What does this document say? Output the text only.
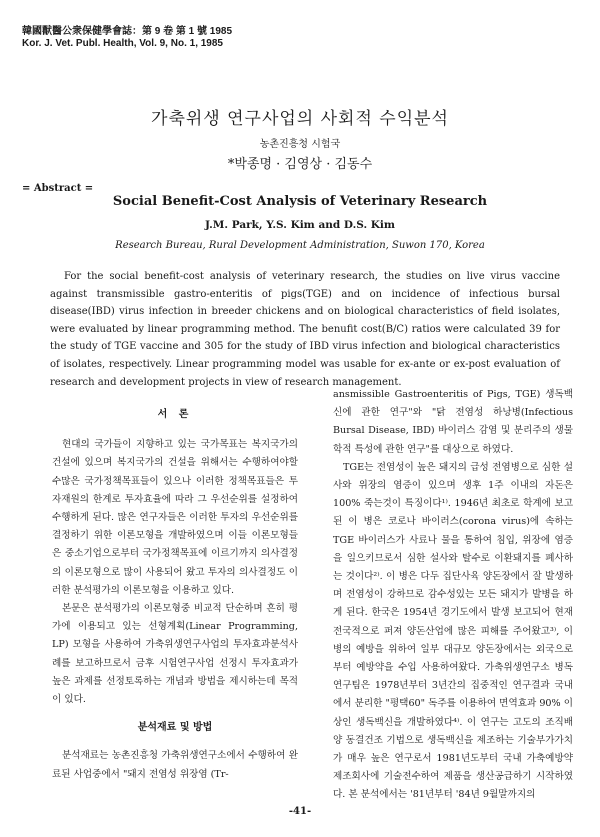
韓國獸醫公衆保健學會誌：第 9 卷 第 1 號 1985
Kor. J. Vet. Publ. Health, Vol. 9, No. 1, 1985
가축위생 연구사업의 사회적 수익분석
농촌진흥청 시험국
*박종명 · 김영상 · 김동수
= Abstract =
Social Benefit-Cost Analysis of Veterinary Research
J.M. Park, Y.S. Kim and D.S. Kim
Research Bureau, Rural Development Administration, Suwon 170, Korea

For the social benefit-cost analysis of veterinary research, the studies on live virus vaccine against transmissible gastro-enteritis of pigs(TGE) and on incidence of infectious bursal disease(IBD) virus infection in breeder chickens and on biological characteristics of field isolates, were evaluated by linear programming method. The benufit cost(B/C) ratios were calculated 39 for the study of TGE vaccine and 305 for the study of IBD virus infection and biological characteristics of isolates, respectively. Linear programming model was usable for ex-ante or ex-post evaluation of research and development projects in view of research management.

서 론

현대의 국가들이 지향하고 있는 국가목표는 복지국가의 건설에 있으며 복지국가의 건설을 위해서는 수행하여야할 수많은 국가정책목표들이 있으나 이러한 정책목표들은 투자재원의 한계로 투자효율에 따라 그 우선순위를 설정하여 수행하게 된다. 많은 연구자들은 이러한 투자의 우선순위를 결정하기 위한 이론모형을 개발하였으며 이들 이론모형들은 중소기업으로부터 국가정책목표에 이르기까지 의사결정의 이론모형으로 많이 사용되어 왔고 투자의 의사결정도 이러한 분석평가의 이론모형을 이용하고 있다.

본문은 분석평가의 이론모형중 비교적 단순하며 흔히 평가에 이용되고 있는 선형계획(Linear Programming, LP) 모형을 사용하여 가축위생연구사업의 투자효과분석사례를 보고하므로서 금후 시험연구사업 선정시 투자효과가 높은 과제를 선정토록하는 개념과 방법을 제시하는데 목적이 있다.

분석재료 및 방법

분석재료는 농촌진흥청 가축위생연구소에서 수행하여 완료된 사업중에서 "돼지 전염성 위장염 (Tr-

ansmissible Gastroenteritis of Pigs, TGE) 생독백신에 관한 연구"와 "닭 전염성 하낭병(Infectious Bursal Disease, IBD) 바이러스 감염 및 분리주의 생물학적 특성에 관한 연구"를 대상으로 하였다.

TGE는 전염성이 높은 돼지의 급성 전염병으로 심한 설사와 위장의 염증이 있으며 생후 1주 이내의 자돈은 100% 죽는것이 특징이다¹⁾. 1946년 최초로 학계에 보고된 이 병은 코로나 바이러스(corona virus)에 속하는 TGE 바이러스가 사료나 물을 통하여 침입, 위장에 염증을 일으키므로서 심한 설사와 탈수로 이환돼지를 폐사하는 것이다²⁾. 이 병은 다두 집단사육 양돈장에서 잘 발생하며 전염성이 강하므로 감수성있는 모든 돼지가 발병을 하게 된다. 한국은 1954년 경기도에서 발생 보고되어 현재 전국적으로 퍼져 양돈산업에 많은 피해를 주어왔고³⁾, 이 병의 예방을 위하여 일부 대규모 양돈장에서는 외국으로부터 예방약을 수입 사용하여왔다. 가축위생연구소 병독연구팀은 1978년부터 3년간의 집중적인 연구결과 국내에서 분리한 "평택60" 독주를 이용하여 면역효과 90% 이상인 생독백신을 개발하였다⁴⁾. 이 연구는 고도의 조직배양 동결건조 기법으로 생독백신을 제조하는 기술부가가치가 매우 높은 연구로서 1981년도부터 국내 가축예방약 제조회사에 기술전수하여 제품을 생산공급하기 시작하였다. 본 분석에서는 '81년부터 '84년 9월말까지의

-41-
